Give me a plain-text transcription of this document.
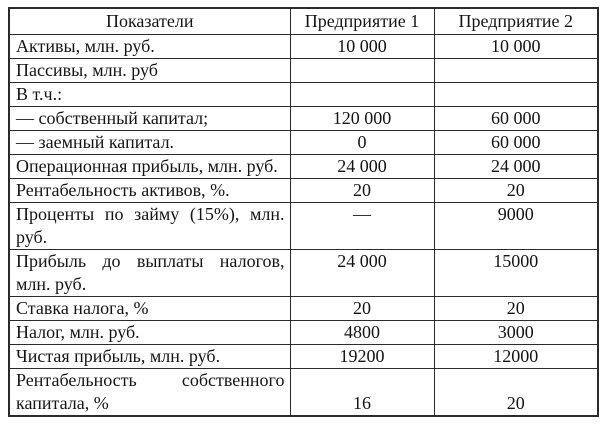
Показатели	Предприятие 1	Предприятие 2
Активы, млн. руб.	10 000	10 000
Пассивы, млн. руб		
В т.ч.:		
— собственный капитал;	120 000	60 000
— заемный капитал.	0	60 000
Операционная прибыль, млн. руб.	24 000	24 000
Рентабельность активов, %.	20	20
Проценты по займу (15%), млн. руб.	—	9000
Прибыль до выплаты налогов, млн. руб.	24 000	15000
Ставка налога, %	20	20
Налог, млн. руб.	4800	3000
Чистая прибыль, млн. руб.	19200	12000
Рентабельность собственного капитала, %	16	20
